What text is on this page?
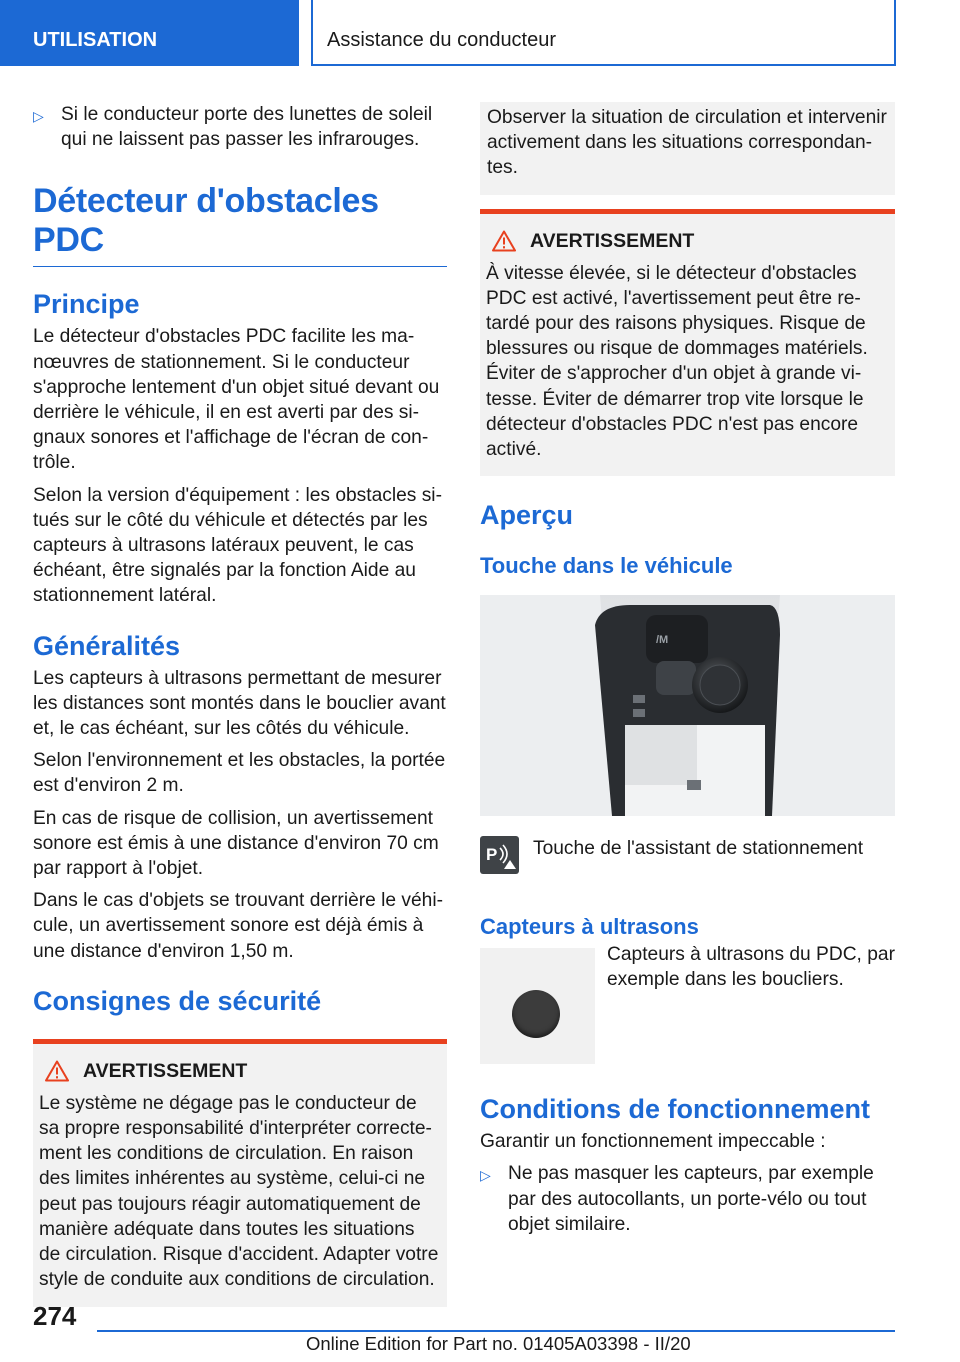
UTILISATION	Assistance du conducteur
▷ Si le conducteur porte des lunettes de soleil qui ne laissent pas passer les infrarouges.
Détecteur d'obstacles PDC
Principe

Le détecteur d'obstacles PDC facilite les manœuvres de stationnement. Si le conducteur s'approche lentement d'un objet situé devant ou derrière le véhicule, il en est averti par des signaux sonores et l'affichage de l'écran de contrôle.

Selon la version d'équipement : les obstacles situés sur le côté du véhicule et détectés par les capteurs à ultrasons latéraux peuvent, le cas échéant, être signalés par la fonction Aide au stationnement latéral.

Généralités

Les capteurs à ultrasons permettant de mesurer les distances sont montés dans le bouclier avant et, le cas échéant, sur les côtés du véhicule.

Selon l'environnement et les obstacles, la portée est d'environ 2 m.

En cas de risque de collision, un avertissement sonore est émis à une distance d'environ 70 cm par rapport à l'objet.

Dans le cas d'objets se trouvant derrière le véhicule, un avertissement sonore est déjà émis à une distance d'environ 1,50 m.

Consignes de sécurité
AVERTISSEMENT

Le système ne dégage pas le conducteur de sa propre responsabilité d'interpréter correctement les conditions de circulation. En raison des limites inhérentes au système, celui-ci ne peut pas toujours réagir automatiquement de manière adéquate dans toutes les situations de circulation. Risque d'accident. Adapter votre style de conduite aux conditions de circulation.

Observer la situation de circulation et intervenir activement dans les situations correspondantes.

AVERTISSEMENT

À vitesse élevée, si le détecteur d'obstacles PDC est activé, l'avertissement peut être retardé pour des raisons physiques. Risque de blessures ou risque de dommages matériels. Éviter de s'approcher d'un objet à grande vitesse. Éviter de démarrer trop vite lorsque le détecteur d'obstacles PDC n'est pas encore activé.

Aperçu
Touche dans le véhicule
/M
P Touche de l'assistant de stationnement
Capteurs à ultrasons

Capteurs à ultrasons du PDC, par exemple dans les boucliers.

Conditions de fonctionnement

Garantir un fonctionnement impeccable :

▷ Ne pas masquer les capteurs, par exemple par des autocollants, un porte-vélo ou tout objet similaire.
274
Online Edition for Part no. 01405A03398 - II/20
